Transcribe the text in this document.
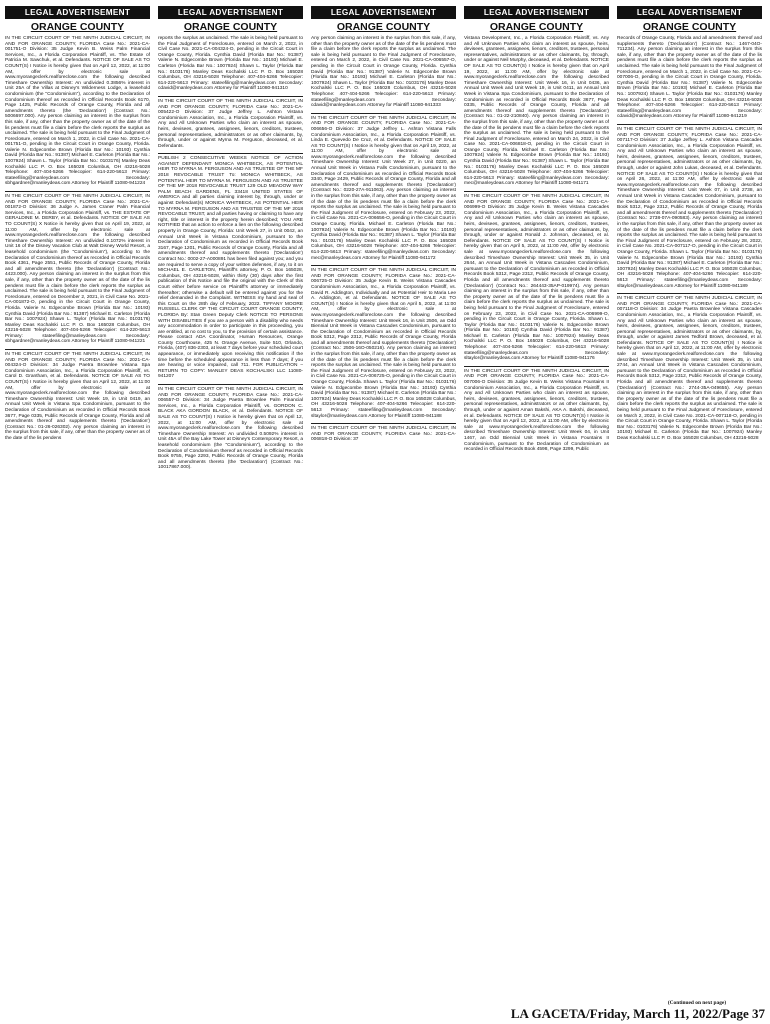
LEGAL ADVERTISEMENT
ORANGE COUNTY

IN THE CIRCUIT COURT OF THE NINTH JUDICIAL CIRCUIT, IN AND FOR ORANGE COUNTY, FLORIDA Case No.: 2021-CA-001751-O Division: 35 Judge Kevin B. Weiss Palm Financial Services, Inc., a Florida Corporation Plaintiff, vs. The Estate of Patricia M. Sawchuk, et al. Defendants. NOTICE OF SALE AS TO COUNT(S) I Notice is hereby given that on April 12, 2022, at 11:00 AM, offer by electronic sale at www.myorangeclerk.realforeclose.com the following described Timeshare Ownership Interest: An undivided 0.3856% interest in Unit 25A of the Villas at Disney's Wilderness Lodge, a leasehold condominium (the "Condominium"), according to the Declaration of Condominium thereof as recorded in Official Records Book 6170, Page 1425, Public Records of Orange County, Florida and all amendments thereto (the 'Declaration') (Contract No.: 5006697.000). Any person claiming an interest in the surplus from this sale, if any, other than the property owner as of the date of the lis pendens must file a claim before the clerk reports the surplus as unclaimed. The sale is being held pursuant to the Final Judgment of Foreclosure, entered on March 1, 2022, in Civil Case No. 2021-CA-001751-O, pending in the Circuit Court in Orange County, Florida. Valerie N. Edgecombe Brown (Florida Bar No.: 10193) Cynthia David (Florida Bar No.: 91387) Michael E. Carleton (Florida Bar No.: 1007924) Shawn L. Taylor (Florida Bar No.: 0103176) Manley Deas Kochalski LLC P. O. Box 165028 Columbus, OH 43216-5028 Telephone: 407-404-5266 Telecopier: 614-220-5613 Primary: stateefiling@manleydeas.com Secondary: sbhgardner@manleydeas.com Attorney for Plaintiff 11080-941224

IN THE CIRCUIT COURT OF THE NINTH JUDICIAL CIRCUIT, IN AND FOR ORANGE COUNTY, FLORIDA Case No.: 2021-CA-001872-O Division: 36 Judge A. James Craner Palm Financial Services, Inc., a Florida Corporation Plaintiff, vs. THE ESTATE OF GERALDINE M. DERBY, et al. Defendants. NOTICE OF SALE AS TO COUNT(S) X Notice is hereby given that on April 19, 2022, at 11:00 AM, offer by electronic sale at www.myorangeclerk.realforeclose.com the following described Timeshare Ownership Interest: An undivided 0.1072% interest in Unit 16 of the Disney Vacation Club at Walt Disney World Resort, a leasehold condominium (the "Condominium"), according to the Declaration of Condominium thereof as recorded in Official Records Book 4361, Page 2551, Public Records of Orange County, Florida and all amendments thereto (the 'Declaration') (Contract No.: 4423.000). Any person claiming an interest in the surplus from this sale, if any, other than the property owner as of the date of the lis pendens must file a claim before the clerk reports the surplus as unclaimed. The sale is being held pursuant to the Final Judgment of Foreclosure, entered on December 2, 2021, in Civil Case No. 2021-CA-001872-O, pending in the Circuit Court in Orange County, Florida. Valerie N. Edgecombe Brown (Florida Bar No.: 10193) Cynthia David (Florida Bar No.: 91387) Michael E. Carleton (Florida Bar No.: 1007924) Shawn L. Taylor (Florida Bar No.: 0103176) Manley Deas Kochalski LLC P. O. Box 165028 Columbus, OH 43216-5028 Telephone: 407-404-5266 Telecopier: 614-220-5613 Primary: stateefiling@manleydeas.com Secondary: sbhgardner@manleydeas.com Attorney for Plaintiff 11080-941221

IN THE CIRCUIT COURT OF THE NINTH JUDICIAL CIRCUIT, IN AND FOR ORANGE COUNTY, FLORIDA Case No.: 2021-CA-004324-O Division: 34 Judge Paetra Brownlee Vistana Spa Condominium Association, Inc., a Florida Corporation Plaintiff, vs. Carol D. Grantham, et al. Defendants. NOTICE OF SALE AS TO COUNT(S) I Notice is hereby given that on April 12, 2022, at 11:00 AM, offer by electronic sale at www.myorangeclerk.realforeclose.com the following described Timeshare Ownership Interest: Unit Week 19, in Unit 0419, an Annual Unit Week in Vistana Spa Condominium, pursuant to the Declaration of Condominium as recorded in Official Records Book 3677, Page 0335, Public Records of Orange County, Florida and all amendments thereof and supplements thereto ('Declaration') (Contract No.: 01-26-026302). Any person claiming an interest in the surplus from this sale, if any, other than the property owner as of the date of the lis pendens

LEGAL ADVERTISEMENT
ORANGE COUNTY

reports the surplus as unclaimed. The sale is being held pursuant to the Final Judgment of Foreclosure, entered on March 2, 2022, in Civil Case No. 2021-CA-004324-O, pending in the Circuit Court in Orange County, Florida. Cynthia David (Florida Bar No.: 91387) Valerie N. Edgecombe Brown (Florida Bar No.: 10193) Michael E. Carleton (Florida Bar No.: 1007924) Shawn L. Taylor (Florida Bar No.: 0103176) Manley Deas Kochalski LLC P. O. Box 165028 Columbus, OH 43216-5028 Telephone: 407-404-5266 Telecopier: 614-220-5613 Primary: stateefiling@manleydeas.com Secondary: cdavid@manleydeas.com Attorney for Plaintiff 11080-941310

IN THE CIRCUIT COURT OF THE NINTH JUDICIAL CIRCUIT, IN AND FOR ORANGE COUNTY, FLORIDA Case No.: 2021-CA-005422-O Division: 37 Judge Jeffrey L. Ashton Vistana Condominium Association, Inc., a Florida Corporation Plaintiff, vs. Any and All Unknown Parties who claim an interest as spouse, heirs, devisees, grantees, assignees, lienors, creditors, trustees, personal representatives, administrators or as other claimants, by, through, under or against Myrna M. Ferguson, deceased, et al. Defendants.

PUBLISH 2 CONSECUTIVE WEEKS NOTICE OF ACTION AGAINST DEFENDANT MONICA WHITBECK, AS POTENTIAL HEIR TO MYRNA M. FERGUSON AND AS TRUSTEE OF THE MF 2018 REVOCABLE TRUST To: MONICA WHITBECK, AS POTENTIAL HEIR TO MYRNA M. FERGUSON AND AS TRUSTEE OF THE MF 2018 REVOCABLE TRUST 129 OLD MEADOW WAY PALM BEACH GARDENS, FL 33418 UNITED STATES OF AMERICA and all parties claiming interest by, through, under or against Defendant(s) MONICA WHITBECK, AS POTENTIAL HEIR TO MYRNA M. FERGUSON AND AS TRUSTEE OF THE MF 2018 REVOCABLE TRUST, and all parties having or claiming to have any right, title or interest in the property herein described; YOU ARE NOTIFIED that an action to enforce a lien on the following described property in Orange County, Florida: Unit Week 27, in Unit 0042, an Annual Unit Week in Vistana Condominium, pursuant to the Declaration of Condominium as recorded in Official Records Book 3167, Page 1201, Public Records of Orange County, Florida and all amendments thereof and supplements thereto ('Declaration') Contract No.: 0002-27-A000891 has been filed against you; and you are required to serve a copy of your written defenses, if any, to it on MICHAEL E. CARLETON, Plaintiff's attorney, P. O. Box 165028, Columbus, OH 43216-5028, within thirty (30) days after the first publication of this Notice and file the original with the Clerk of this Court either before service on Plaintiff's attorney or immediately thereafter; otherwise a default will be entered against you for the relief demanded in the Complaint. WITNESS my hand and seal of this Court on the 28th day of February, 2022. TIFFANY MOORE RUSSELL CLERK OF THE CIRCUIT COURT ORANGE COUNTY, FLORIDA By: Stan Green Deputy Clerk NOTICE TO PERSONS WITH DISABILITIES If you are a person with a disability who needs any accommodation in order to participate in this proceeding, you are entitled, at no cost to you, to the provision of certain assistance. Please contact ADA Coordinator, Human Resources, Orange County Courthouse, 425 N. Orange Avenue, Suite 510, Orlando, Florida, (407) 836-2303, at least 7 days before your scheduled court appearance, or immediately upon receiving this notification if the time before the scheduled appearance is less than 7 days; if you are hearing or voice impaired, call 711. FOR PUBLICATION – RETURN TO COPY: MANLEY DEAS KOCHALSKI LLC 11080-941207

IN THE CIRCUIT COURT OF THE NINTH JUDICIAL CIRCUIT, IN AND FOR ORANGE COUNTY, FLORIDA Case No.: 2021-CA-006557-O Division: 34 Judge Paetra Brownlee Palm Financial Services, Inc., a Florida Corporation Plaintiff, vs. GORDON C. BLACK AKA GORDON BLACK, et al. Defendants. NOTICE OF SALE AS TO COUNT(S) I Notice is hereby given that on April 12, 2022, at 11:00 AM, offer by electronic sale at www.myorangeclerk.realforeclose.com the following described Timeshare Ownership Interest: An undivided 0.5092% interest in Unit 45A of the Bay Lake Tower at Disney's Contemporary Resort, a leasehold condominium (the "Condominium"), according to the Declaration of Condominium thereof as recorded in Official Records Book 9755, Page 2293, Public Records of Orange County, Florida and all amendments thereto (the 'Declaration') (Contract No.: 10017867.000).

LEGAL ADVERTISEMENT
ORANGE COUNTY

Any person claiming an interest in the surplus from this sale, if any, other than the property owner as of the date of the lis pendens must file a claim before the clerk reports the surplus as unclaimed. The sale is being held pursuant to the Final Judgment of Foreclosure, entered on March 2, 2022, in Civil Case No. 2021-CA-006557-O, pending in the Circuit Court in Orange County, Florida. Cynthia David (Florida Bar No.: 91387) Valerie N. Edgecombe Brown (Florida Bar No.: 10193) Michael E. Carleton (Florida Bar No.: 1007924) Shawn L. Taylor (Florida Bar No.: 0103176) Manley Deas Kochalski LLC P. O. Box 165028 Columbus, OH 43216-5028 Telephone: 407-404-5266 Telecopier: 614-220-5613 Primary: stateefiling@manleydeas.com Secondary: cdavid@manleydeas.com Attorney for Plaintiff 11080-941333

IN THE CIRCUIT COURT OF THE NINTH JUDICIAL CIRCUIT, IN AND FOR ORANGE COUNTY, FLORIDA Case No.: 2021-CA-006656-O Division: 37 Judge Jeffrey L. Ashton Vistana Falls Condominium Association, Inc., a Florida Corporation Plaintiff, vs. Linda E. Quevedo De Cruz, et al. Defendants. NOTICE OF SALE AS TO COUNT(S) I Notice is hereby given that on April 19, 2022, at 11:00 AM, offer by electronic sale at www.myorangeclerk.realforeclose.com the following described Timeshare Ownership Interest: Unit Week 27, in Unit 0220, an Annual Unit Week in Vistana Falls Condominium, pursuant to the Declaration of Condominium as recorded in Official Records Book 3340, Page 2429, Public Records of Orange County, Florida and all amendments thereof and supplements thereto ('Declaration') (Contract No.: 0220-27A-911063). Any person claiming an interest in the surplus from this sale, if any, other than the property owner as of the date of the lis pendens must file a claim before the clerk reports the surplus as unclaimed. The sale is being held pursuant to the Final Judgment of Foreclosure, entered on February 23, 2022, in Civil Case No. 2021-CA-006656-O, pending in the Circuit Court in Orange County, Florida. Michael E. Carleton (Florida Bar No.: 1007924) Valerie N. Edgecombe Brown (Florida Bar No.: 10193) Cynthia David (Florida Bar No.: 91387) Shawn L. Taylor (Florida Bar No.: 0103176) Manley Deas Kochalski LLC P. O. Box 165028 Columbus, OH 43216-5028 Telephone: 407-404-5266 Telecopier: 614-220-5613 Primary: stateefiling@manleydeas.com Secondary: mec@manleydeas.com Attorney for Plaintiff 11080-941172

IN THE CIRCUIT COURT OF THE NINTH JUDICIAL CIRCUIT, IN AND FOR ORANGE COUNTY, FLORIDA Case No.: 2021-CA-006725-O Division: 35 Judge Kevin B. Weiss Vistana Cascades Condominium Association, Inc., a Florida Corporation Plaintiff, vs. David R. Addington, Individually and as Potential Heir to Maria Lee A. Addington, et al. Defendants. NOTICE OF SALE AS TO COUNT(S) I Notice is hereby given that on April 5, 2022, at 11:00 AM, offer by electronic sale at www.myorangeclerk.realforeclose.com the following described Timeshare Ownership Interest: Unit Week 16, in Unit 2506, an Odd Biennial Unit Week in Vistana Cascades Condominium, pursuant to the Declaration of Condominium as recorded in Official Records Book 5312, Page 2312, Public Records of Orange County, Florida and all amendments thereof and supplements thereto ('Declaration') (Contract No.: 2506-16O-050216). Any person claiming an interest in the surplus from this sale, if any, other than the property owner as of the date of the lis pendens must file a claim before the clerk reports the surplus as unclaimed. The sale is being held pursuant to the Final Judgment of Foreclosure, entered on February 23, 2022, in Civil Case No. 2021-CA-006725-O, pending in the Circuit Court in Orange County, Florida. Shawn L. Taylor (Florida Bar No.: 0103176) Valerie N. Edgecombe Brown (Florida Bar No.: 10193) Cynthia David (Florida Bar No.: 91387) Michael E. Carleton (Florida Bar No.: 1007924) Manley Deas Kochalski LLC P. O. Box 165028 Columbus, OH 43216-5028 Telephone: 407-404-5266 Telecopier: 614-220-5613 Primary: stateefiling@manleydeas.com Secondary: sltaylor@manleydeas.com Attorney for Plaintiff 11080-941188

IN THE CIRCUIT COURT OF THE NINTH JUDICIAL CIRCUIT, IN AND FOR ORANGE COUNTY, FLORIDA Case No.: 2021-CA-006818-O Division: 37

LEGAL ADVERTISEMENT
ORANGE COUNTY

Vistana Development, Inc., a Florida Corporation Plaintiff, vs. Any and All Unknown Parties who claim an interest as spouse, heirs, devisees, grantees, assignees, lienors, creditors, trustees, personal representatives, administrators or as other claimants, by, through, under or against Neil Murphy, deceased, et al. Defendants. NOTICE OF SALE AS TO COUNT(S) I Notice is hereby given that on April 19, 2022, at 11:00 AM, offer by electronic sale at www.myorangeclerk.realforeclose.com the following described Timeshare Ownership Interest: Unit Week 16, in Unit 0436, an Annual Unit Week and Unit Week 19, in Unit 0411, an Annual Unit Week in Vistana Spa Condominium, pursuant to the Declaration of Condominium as recorded in Official Records Book 3677, Page 0335, Public Records of Orange County, Florida and all amendments thereof and supplements thereto ('Declaration') (Contract No.: 01-22-210840). Any person claiming an interest in the surplus from this sale, if any, other than the property owner as of the date of the lis pendens must file a claim before the clerk reports the surplus as unclaimed. The sale is being held pursuant to the Final Judgment of Foreclosure, entered on March 24, 2022, in Civil Case No. 2021-CA-006818-O, pending in the Circuit Court in Orange County, Florida. Michael E. Carleton (Florida Bar No.: 1007924) Valerie N. Edgecombe Brown (Florida Bar No.: 10193) Cynthia David (Florida Bar No.: 91387) Shawn L. Taylor (Florida Bar No.: 0103176) Manley Deas Kochalski LLC P. O. Box 165028 Columbus, OH 43216-5028 Telephone: 407-404-5266 Telecopier: 614-220-5613 Primary: stateefiling@manleydeas.com Secondary: mec@manleydeas.com Attorney for Plaintiff 11080-941171

IN THE CIRCUIT COURT OF THE NINTH JUDICIAL CIRCUIT, IN AND FOR ORANGE COUNTY, FLORIDA Case No.: 2021-CA-006999-O Division: 35 Judge Kevin B. Weiss Vistana Cascades Condominium Association, Inc., a Florida Corporation Plaintiff, vs. Any and All Unknown Parties who claim an interest as spouse, heirs, devisees, grantees, assignees, lienors, creditors, trustees, personal representatives, administrators or as other claimants, by, through, under or against Ronald J. Johnson, deceased, et al. Defendants. NOTICE OF SALE AS TO COUNT(S) I Notice is hereby given that on April 5, 2022, at 11:00 AM, offer by electronic sale at www.myorangeclerk.realforeclose.com the following described Timeshare Ownership Interest: Unit Week 35, in Unit 2644, an Annual Unit Week in Vistana Cascades Condominium, pursuant to the Declaration of Condominium as recorded in Official Records Book 5312, Page 2312, Public Records of Orange County, Florida and all amendments thereof and supplements thereto ('Declaration') (Contract No.: 264443-35AP-019974). Any person claiming an interest in the surplus from this sale, if any, other than the property owner as of the date of the lis pendens must file a claim before the clerk reports the surplus as unclaimed. The sale is being held pursuant to the Final Judgment of Foreclosure, entered on February 23, 2022, in Civil Case No. 2021-CA-006999-O, pending in the Circuit Court in Orange County, Florida. Shawn L. Taylor (Florida Bar No.: 0103176) Valerie N. Edgecombe Brown (Florida Bar No.: 10193) Cynthia David (Florida Bar No.: 91387) Michael E. Carleton (Florida Bar No.: 1007924) Manley Deas Kochalski LLC P. O. Box 165028 Columbus, OH 43216-5028 Telephone: 407-404-5266 Telecopier: 614-220-5613 Primary: stateefiling@manleydeas.com Secondary: sltaylor@manleydeas.com Attorney for Plaintiff 11080-941176

IN THE CIRCUIT COURT OF THE NINTH JUDICIAL CIRCUIT, IN AND FOR ORANGE COUNTY, FLORIDA Case No.: 2021-CA-007006-O Division: 35 Judge Kevin B. Weiss Vistana Fountains II Condominium Association, Inc., a Florida Corporation Plaintiff, vs. Any and All Unknown Parties who claim an interest as spouse, heirs, devisees, grantees, assignees, lienors, creditors, trustees, personal representatives, administrators or as other claimants, by, through, under or against Aman Bakshi, AKA A. Bakshi, deceased, et al. Defendants. NOTICE OF SALE AS TO COUNT(S) I Notice is hereby given that on April 12, 2022, at 11:00 AM, offer by electronic sale at www.myorangeclerk.realforeclose.com the following described Timeshare Ownership Interest: Unit Week 04, in Unit 1467, an Odd Biennial Unit Week in Vistana Fountains II Condominium, pursuant to the Declaration of Condominium as recorded in Official Records Book 4598, Page 3299, Public

LEGAL ADVERTISEMENT
ORANGE COUNTY

Records of Orange County, Florida and all amendments thereof and supplements thereto ('Declaration') (Contract No.: 1467-04O-711234). Any person claiming an interest in the surplus from this sale, if any, other than the property owner as of the date of the lis pendens must file a claim before the clerk reports the surplus as unclaimed. The sale is being held pursuant to the Final Judgment of Foreclosure, entered on March 1, 2022, in Civil Case No. 2021-CA-007006-O, pending in the Circuit Court in Orange County, Florida. Cynthia David (Florida Bar No.: 91387) Valerie N. Edgecombe Brown (Florida Bar No.: 10193) Michael E. Carleton (Florida Bar No.: 1007924) Shawn L. Taylor (Florida Bar No.: 0103176) Manley Deas Kochalski LLC P. O. Box 165028 Columbus, OH 43216-5028 Telephone: 407-404-5266 Telecopier: 614-220-5613 Primary: stateefiling@manleydeas.com Secondary: cdavid@manleydeas.com Attorney for Plaintiff 11080-941219

IN THE CIRCUIT COURT OF THE NINTH JUDICIAL CIRCUIT, IN AND FOR ORANGE COUNTY, FLORIDA Case No.: 2021-CA-007117-O Division: 37 Judge Jeffrey L. Ashton Vistana Cascades Condominium Association, Inc., a Florida Corporation Plaintiff, vs. Any and All Unknown Parties who claim an interest as spouse, heirs, devisees, grantees, assignees, lienors, creditors, trustees, personal representatives, administrators or as other claimants, by, through, under or against John Lukas, deceased, et al. Defendants. NOTICE OF SALE AS TO COUNT(S) I Notice is hereby given that on April 26, 2022, at 11:00 AM, offer by electronic sale at www.myorangeclerk.realforeclose.com the following described Timeshare Ownership Interest: Unit Week 07, in Unit 2738, an Annual Unit Week in Vistana Cascades Condominium, pursuant to the Declaration of Condominium as recorded in Official Records Book 5312, Page 2312, Public Records of Orange County, Florida and all amendments thereof and supplements thereto ('Declaration') (Contract No.: 2738-07A-090583). Any person claiming an interest in the surplus from this sale, if any, other than the property owner as of the date of the lis pendens must file a claim before the clerk reports the surplus as unclaimed. The sale is being held pursuant to the Final Judgment of Foreclosure, entered on February 28, 2022, in Civil Case No. 2021-CA-007117-O, pending in the Circuit Court in Orange County, Florida. Shawn L. Taylor (Florida Bar No.: 0103176) Valerie N. Edgecombe Brown (Florida Bar No.: 10193) Cynthia David (Florida Bar No.: 91387) Michael E. Carleton (Florida Bar No.: 1007924) Manley Deas Kochalski LLC P. O. Box 165028 Columbus, OH 43216-5028 Telephone: 407-404-5266 Telecopier: 614-220-5613 Primary: stateefiling@manleydeas.com Secondary: sltaylor@manleydeas.com Attorney for Plaintiff 11080-941189

IN THE CIRCUIT COURT OF THE NINTH JUDICIAL CIRCUIT, IN AND FOR ORANGE COUNTY, FLORIDA Case No.: 2021-CA-007118-O Division: 34 Judge Paetra Brownlee Vistana Cascades Condominium Association, Inc., a Florida Corporation Plaintiff, vs. Any and All Unknown Parties who claim an interest as spouse, heirs, devisees, grantees, assignees, lienors, creditors, trustees, personal representatives, administrators or as other claimants, by, through, under or against James Tedford Brown, deceased, et al. Defendants. NOTICE OF SALE AS TO COUNT(S) I Notice is hereby given that on April 12, 2022, at 11:00 AM, offer by electronic sale at www.myorangeclerk.realforeclose.com the following described Timeshare Ownership Interest: Unit Week 35, in Unit 2744, an Annual Unit Week in Vistana Cascades Condominium, pursuant to the Declaration of Condominium as recorded in Official Records Book 5312, Page 2312, Public Records of Orange County, Florida and all amendments thereof and supplements thereto ('Declaration') (Contract No.: 2744-35A-049655). Any person claiming an interest in the surplus from this sale, if any, other than the property owner as of the date of the lis pendens must file a claim before the clerk reports the surplus as unclaimed. The sale is being held pursuant to the Final Judgment of Foreclosure, entered on March 2, 2022, in Civil Case No. 2021-CA-007118-O, pending in the Circuit Court in Orange County, Florida. Shawn L. Taylor (Florida Bar No.: 0103176) Valerie N. Edgecombe Brown (Florida Bar No.: 10193) Michael E. Carleton (Florida Bar No.: 1007924) Manley Deas Kochalski LLC P. O. Box 165028 Columbus, OH 43216-5028

(Continued on next page)
LA GACETA/Friday, March 11, 2022/Page 37
